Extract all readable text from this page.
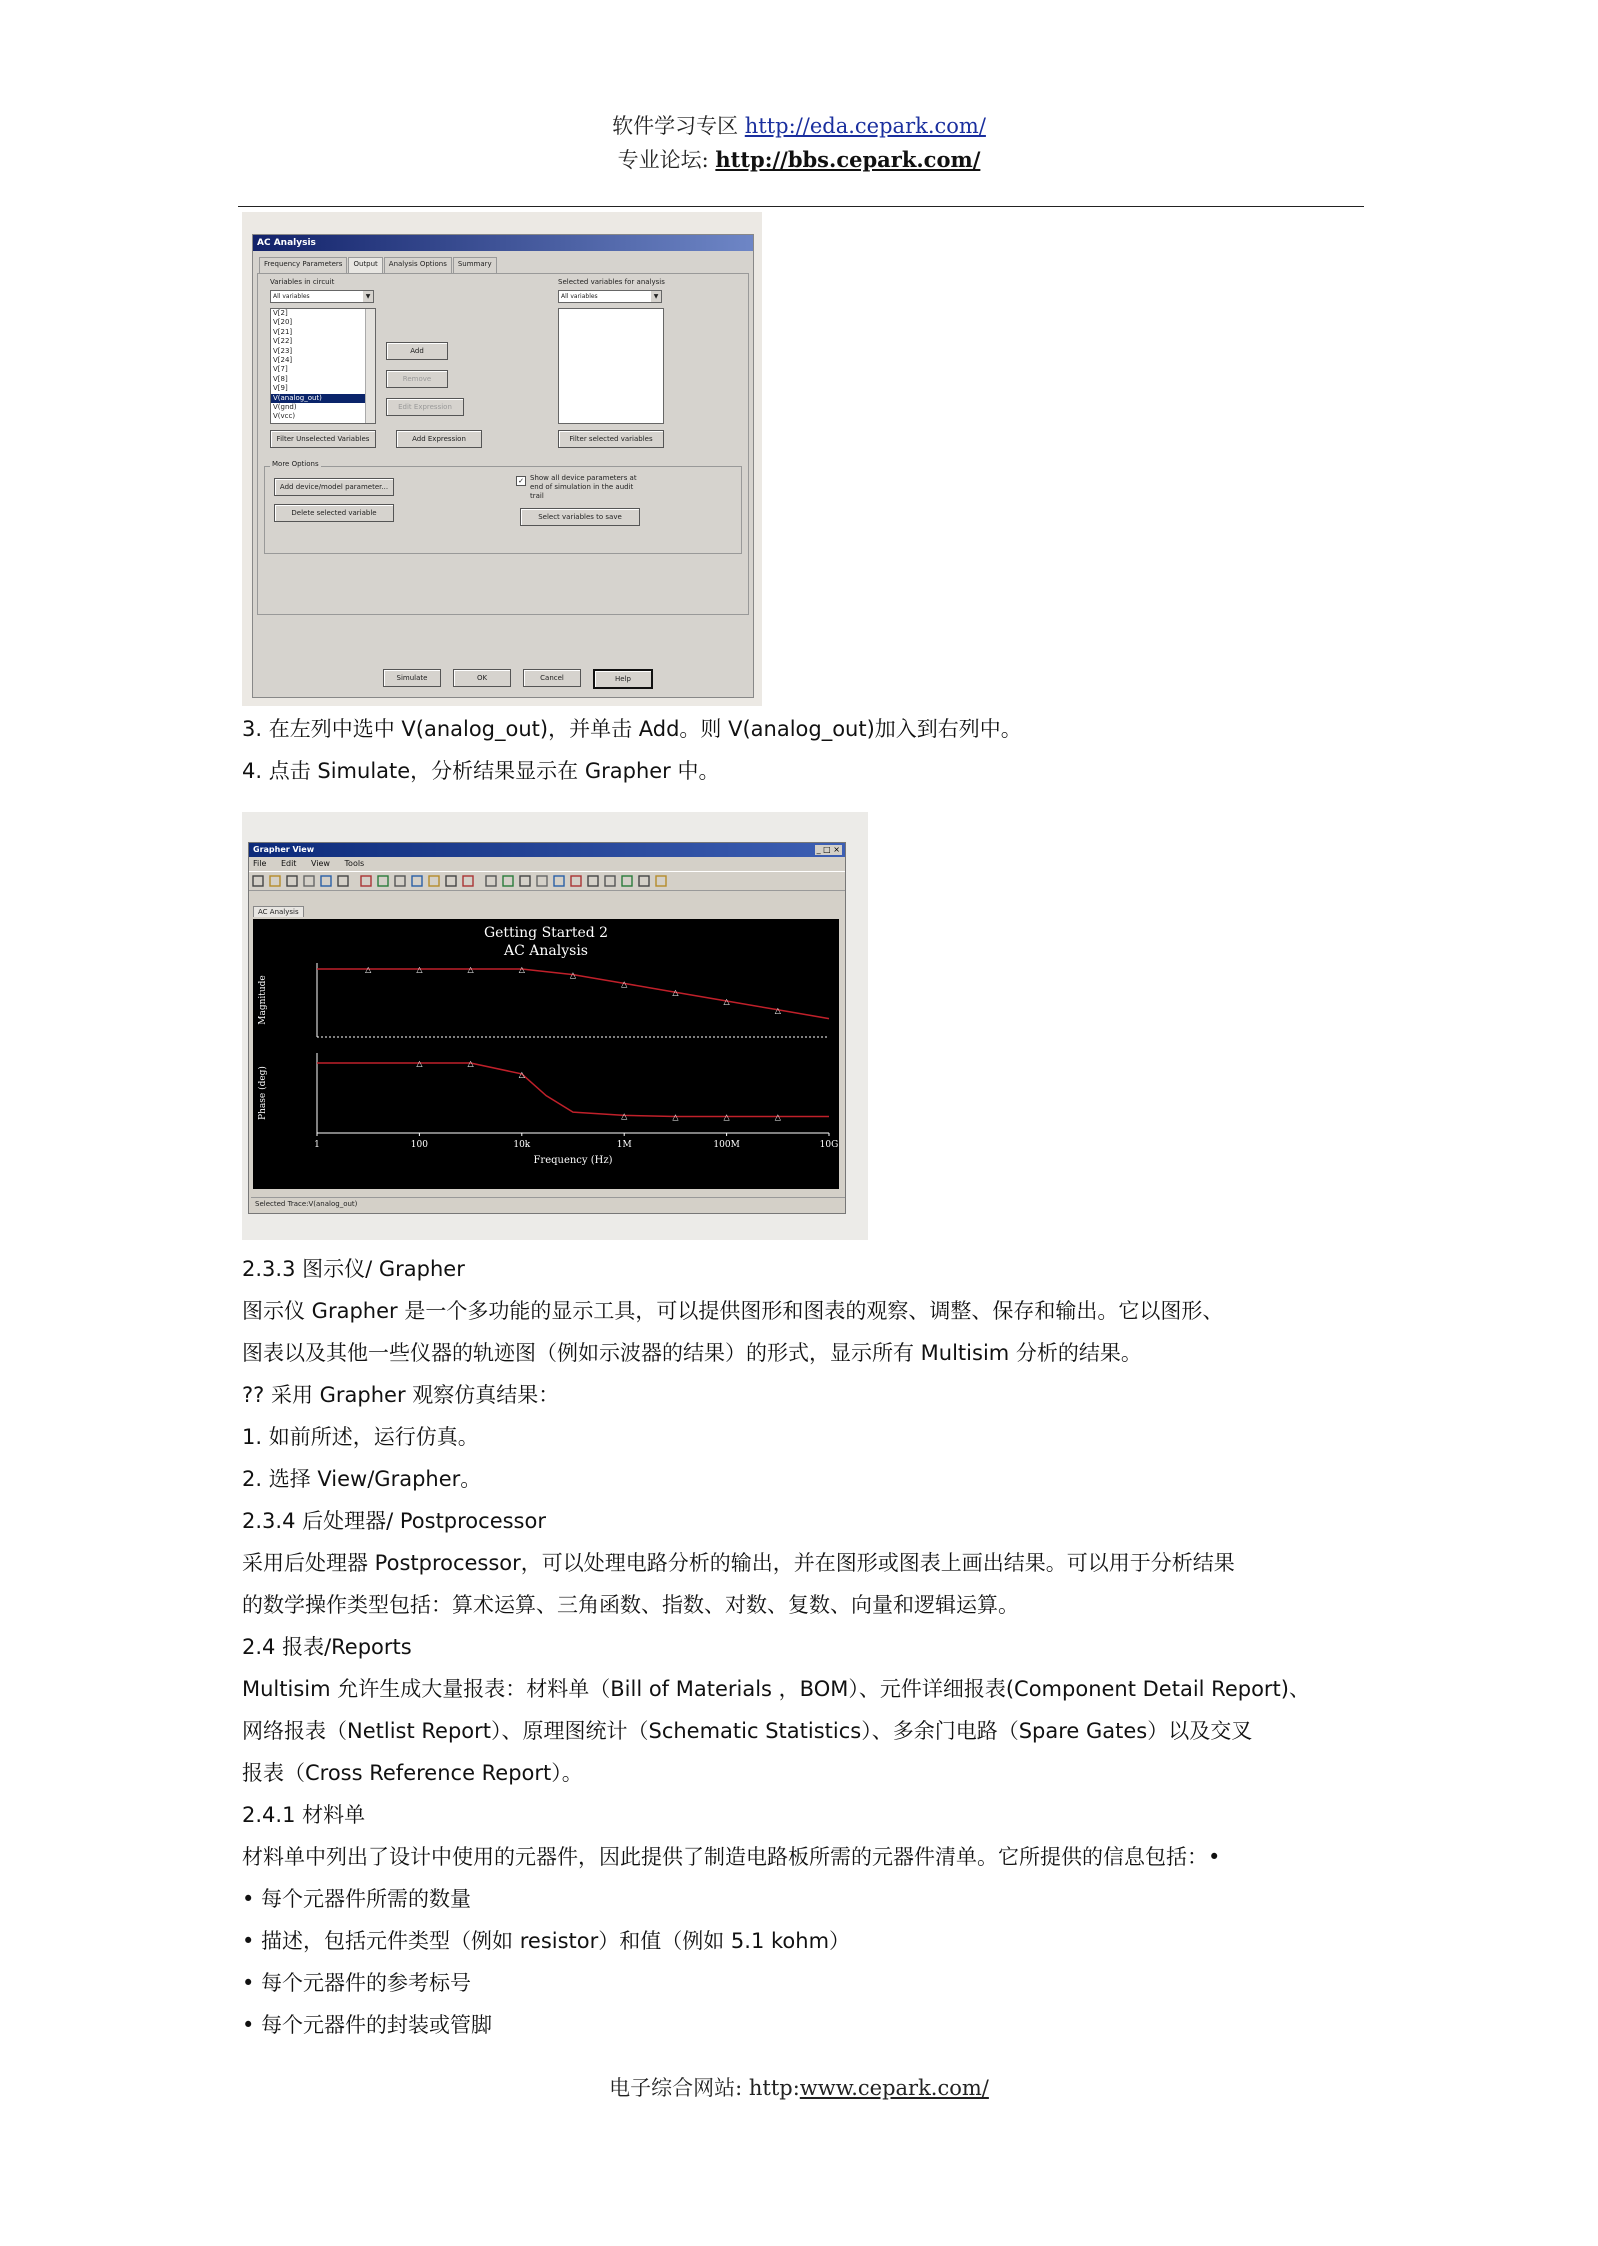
软件学习专区 http://eda.cepark.com/
专业论坛: http://bbs.cepark.com/
AC Analysis
Frequency Parameters	Output	Analysis Options	Summary
Variables in circuit
All variables ▼
V[2]
V[20]
V[21]
V[22]
V[23]
V[24]
V[7]
V[8]
V[9]
V(analog_out)
V(gnd)
V(vcc)
Selected variables for analysis
All variables ▼
Add
Remove
Edit Expression
Filter Unselected Variables	Add Expression	Filter selected variables
More Options
Add device/model parameter...
Delete selected variable
✓ Show all device parameters at end of simulation in the audit trail
Select variables to save
Simulate	OK	Cancel	Help
3. 在左列中选中 V(analog_out)，并单击 Add。则 V(analog_out)加入到右列中。
4. 点击 Simulate，分析结果显示在 Grapher 中。
Grapher View	_ □ ×
File Edit View Tools
AC Analysis
Getting Started 2
AC Analysis
Magnitude
△	△	△	△
△
△
△
△
△
Phase (deg)
△	△
△
△	△	△	△
1	100	10k	1M	100M	10G
Frequency (Hz)
Selected Trace:V(analog_out)
2.3.3 图示仪/ Grapher
图示仪 Grapher 是一个多功能的显示工具，可以提供图形和图表的观察、调整、保存和输出。它以图形、
图表以及其他一些仪器的轨迹图（例如示波器的结果）的形式，显示所有 Multisim 分析的结果。
?? 采用 Grapher 观察仿真结果：
1. 如前所述，运行仿真。
2. 选择 View/Grapher。
2.3.4 后处理器/ Postprocessor
采用后处理器 Postprocessor，可以处理电路分析的输出，并在图形或图表上画出结果。可以用于分析结果
的数学操作类型包括：算术运算、三角函数、指数、对数、复数、向量和逻辑运算。
2.4 报表/Reports
Multisim 允许生成大量报表：材料单（Bill of Materials ，BOM）、元件详细报表(Component Detail Report)、
网络报表（Netlist Report）、原理图统计（Schematic Statistics）、多余门电路（Spare Gates）以及交叉
报表（Cross Reference Report）。
2.4.1 材料单
材料单中列出了设计中使用的元器件，因此提供了制造电路板所需的元器件清单。它所提供的信息包括：•
• 每个元器件所需的数量
• 描述，包括元件类型（例如 resistor）和值（例如 5.1 kohm）
• 每个元器件的参考标号
• 每个元器件的封装或管脚
电子综合网站: http:www.cepark.com/
